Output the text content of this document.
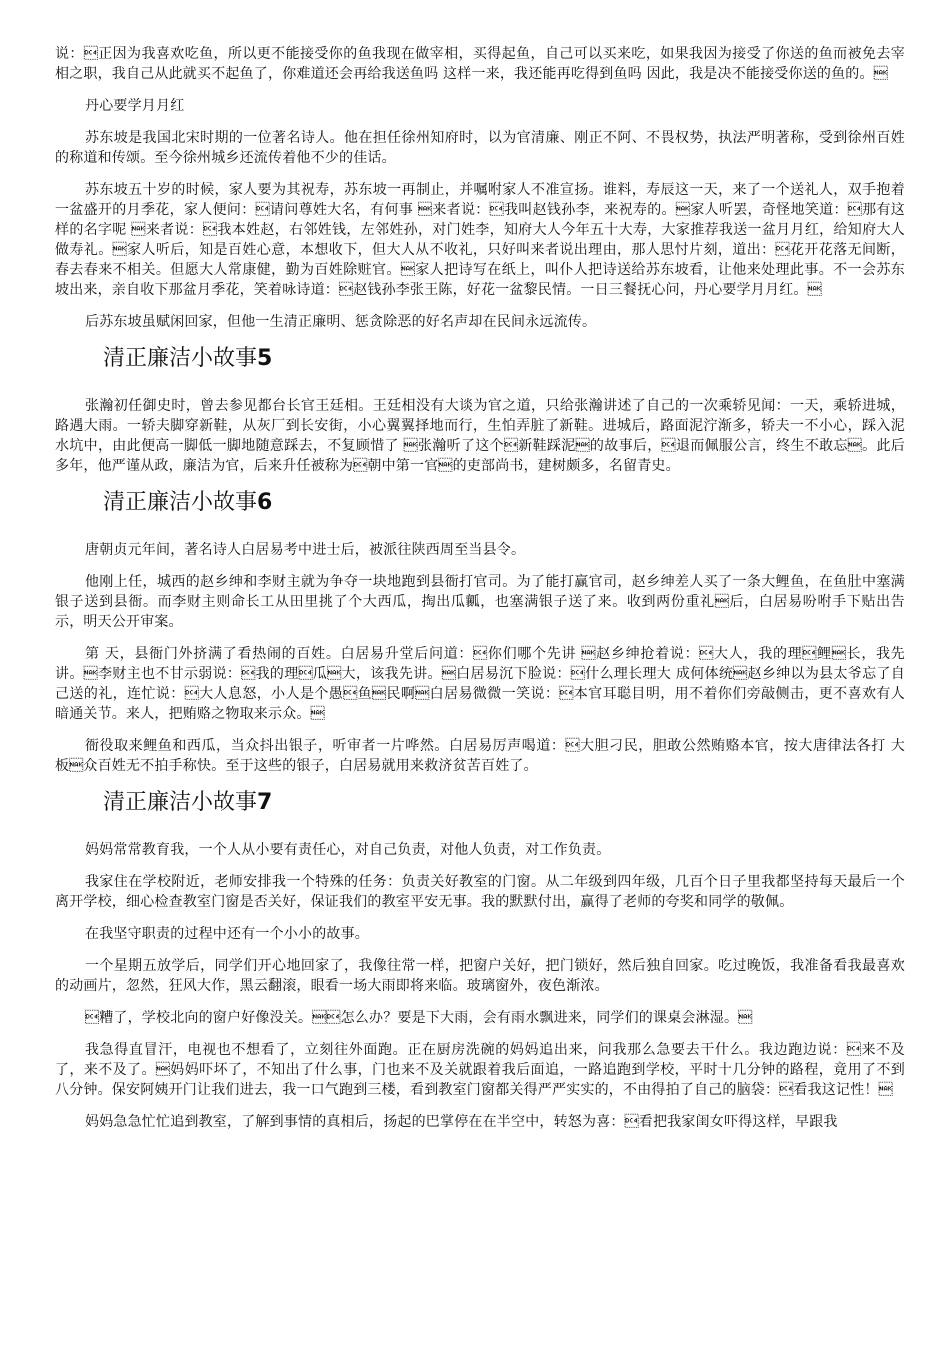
说：正因为我喜欢吃鱼，所以更不能接受你的鱼我现在做宰相，买得起鱼，自己可以买来吃，如果我因为接受了你送的鱼而被免去宰相之职，我自己从此就买不起鱼了，你难道还会再给我送鱼吗 这样一来，我还能再吃得到鱼吗 因此，我是决不能接受你送的鱼的。

丹心要学月月红

苏东坡是我国北宋时期的一位著名诗人。他在担任徐州知府时，以为官清廉、刚正不阿、不畏权势，执法严明著称，受到徐州百姓的称道和传颂。至今徐州城乡还流传着他不少的佳话。

苏东坡五十岁的时候，家人要为其祝寿，苏东坡一再制止，并嘱咐家人不准宣扬。谁料，寿辰这一天，来了一个送礼人，双手抱着一盆盛开的月季花，家人便问：请问尊姓大名，有何事 来者说：我叫赵钱孙李，来祝寿的。家人听罢，奇怪地笑道：那有这样的名字呢 来者说：我本姓赵，右邻姓钱，左邻姓孙，对门姓李，知府大人今年五十大寿，大家推荐我送一盆月月红，给知府大人做寿礼。家人听后，知是百姓心意，本想收下，但大人从不收礼，只好叫来者说出理由，那人思忖片刻，道出：花开花落无间断，春去春来不相关。但愿大人常康健，勤为百姓除赃官。家人把诗写在纸上，叫仆人把诗送给苏东坡看，让他来处理此事。不一会苏东坡出来，亲自收下那盆月季花，笑着咏诗道：赵钱孙李张王陈，好花一盆黎民情。一日三餐抚心问，丹心要学月月红。

后苏东坡虽赋闲回家，但他一生清正廉明、惩贪除恶的好名声却在民间永远流传。

清正廉洁小故事5

张瀚初任御史时，曾去参见都台长官王廷相。王廷相没有大谈为官之道，只给张瀚讲述了自己的一次乘轿见闻：一天，乘轿进城，路遇大雨。一轿夫脚穿新鞋，从灰厂到长安街，小心翼翼择地而行，生怕弄脏了新鞋。进城后，路面泥泞渐多，轿夫一不小心，踩入泥水坑中，由此便高一脚低一脚地随意踩去，不复顾惜了 张瀚听了这个新鞋踩泥的故事后，退而佩服公言，终生不敢忘。此后多年，他严谨从政，廉洁为官，后来升任被称为朝中第一官的吏部尚书，建树颇多，名留青史。

清正廉洁小故事6

唐朝贞元年间，著名诗人白居易考中进士后，被派往陕西周至当县令。

他刚上任，城西的赵乡绅和李财主就为争夺一块地跑到县衙打官司。为了能打赢官司，赵乡绅差人买了一条大鲤鱼，在鱼肚中塞满银子送到县衙。而李财主则命长工从田里挑了个大西瓜，掏出瓜瓤，也塞满银子送了来。收到两份重礼后，白居易吩咐手下贴出告示，明天公开审案。

第 天，县衙门外挤满了看热闹的百姓。白居易升堂后问道：你们哪个先讲 赵乡绅抢着说：大人，我的理鲤长，我先讲。李财主也不甘示弱说：我的理瓜大，该我先讲。白居易沉下脸说：什么理长理大 成何体统赵乡绅以为县太爷忘了自己送的礼，连忙说：大人息怒，小人是个愚鱼民啊白居易微微一笑说：本官耳聪目明，用不着你们旁敲侧击，更不喜欢有人暗通关节。来人，把贿赂之物取来示众。

衙役取来鲤鱼和西瓜，当众抖出银子，听审者一片哗然。白居易厉声喝道：大胆刁民，胆敢公然贿赂本官，按大唐律法各打 大板众百姓无不拍手称快。至于这些的银子，白居易就用来救济贫苦百姓了。

清正廉洁小故事7

妈妈常常教育我，一个人从小要有责任心，对自己负责，对他人负责，对工作负责。

我家住在学校附近，老师安排我一个特殊的任务：负责关好教室的门窗。从二年级到四年级，几百个日子里我都坚持每天最后一个离开学校，细心检查教室门窗是否关好，保证我们的教室平安无事。我的默默付出，赢得了老师的夸奖和同学的敬佩。

在我坚守职责的过程中还有一个小小的故事。

一个星期五放学后，同学们开心地回家了，我像往常一样，把窗户关好，把门锁好，然后独自回家。吃过晚饭，我准备看我最喜欢的动画片，忽然，狂风大作，黑云翻滚，眼看一场大雨即将来临。玻璃窗外，夜色渐浓。

糟了，学校北向的窗户好像没关。怎么办？要是下大雨，会有雨水飘进来，同学们的课桌会淋湿。

我急得直冒汗，电视也不想看了，立刻往外面跑。正在厨房洗碗的妈妈追出来，问我那么急要去干什么。我边跑边说：来不及了，来不及了。妈妈吓坏了，不知出了什么事，门也来不及关就跟着我后面追，一路追跑到学校，平时十几分钟的路程，竟用了不到八分钟。保安阿姨开门让我们进去，我一口气跑到三楼，看到教室门窗都关得严严实实的，不由得拍了自己的脑袋：看我这记性！

妈妈急急忙忙追到教室，了解到事情的真相后，扬起的巴掌停在在半空中，转怒为喜：看把我家闺女吓得这样，早跟我
